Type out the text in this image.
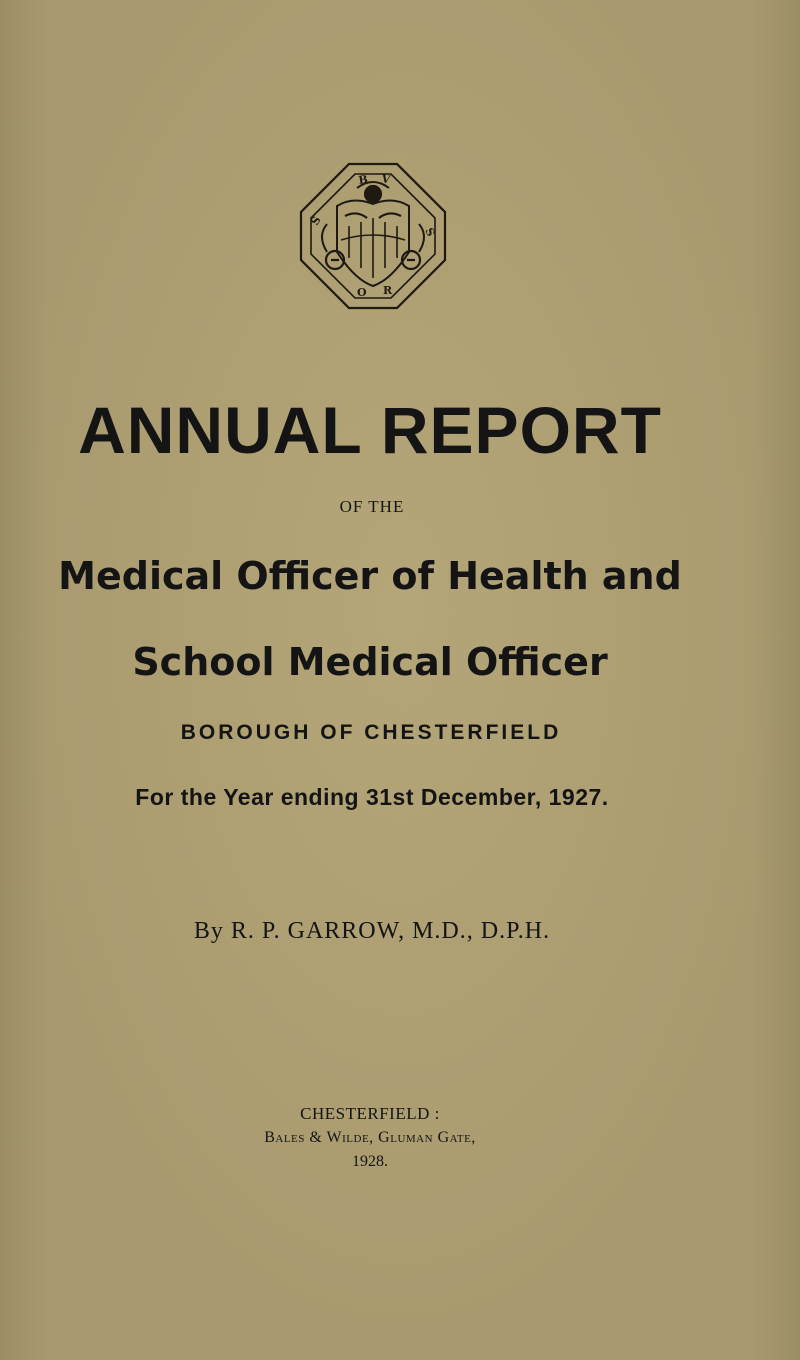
B V
S
S
O R
ANNUAL REPORT
OF THE
Medical Officer of Health and
School Medical Officer
BOROUGH OF CHESTERFIELD
For the Year ending 31st December, 1927.
By R. P. GARROW, M.D., D.P.H.
CHESTERFIELD :
Bales & Wilde, Gluman Gate,
1928.
